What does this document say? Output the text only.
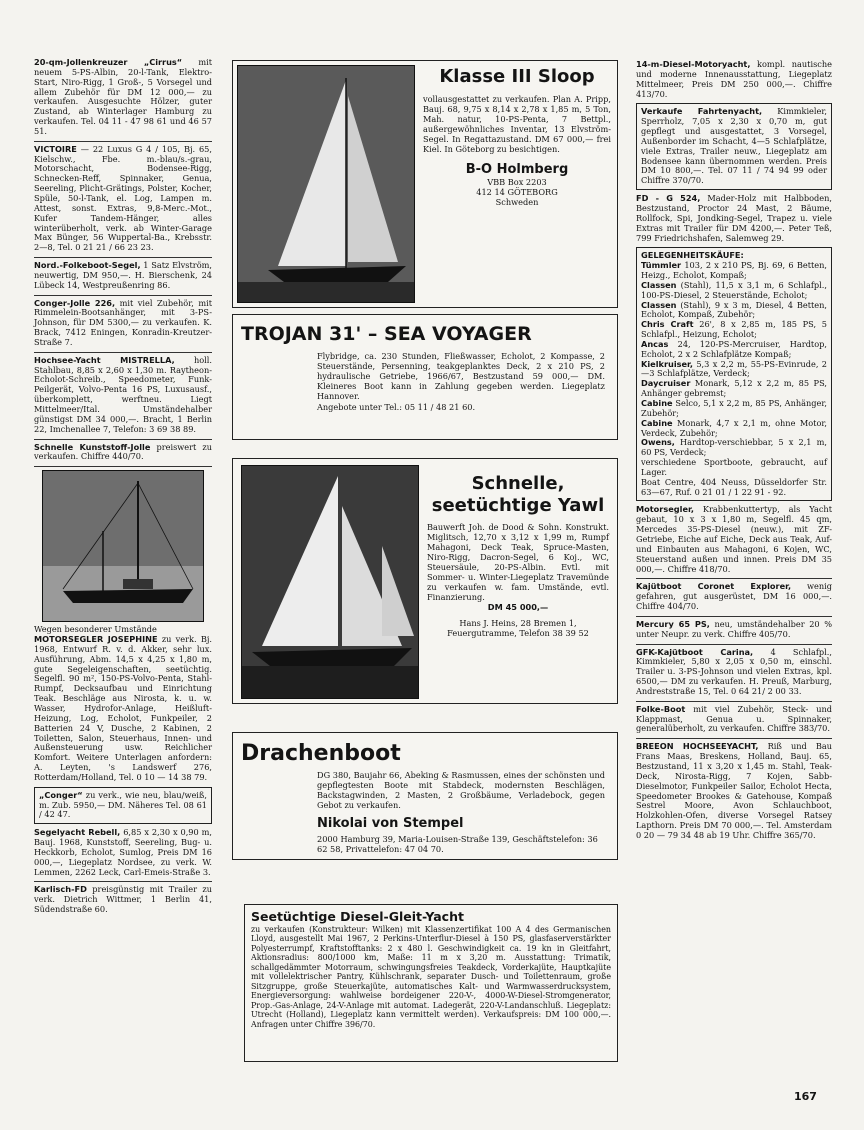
20-qm-Jollenkreuzer „Cirrus“ mit neuem 5-PS-Albin, 20-l-Tank, Elektro-Start, Niro-Rigg, 1 Groß-, 5 Vorsegel und allem Zubehör für DM 12 000,— zu verkaufen. Ausgesuchte Hölzer, guter Zustand, ab Winterlager Hamburg zu verkaufen. Tel. 04 11 - 47 98 61 und 46 57 51.

VICTOIRE — 22 Luxus G 4 / 105, Bj. 65, Kielschw., Fbe. m.-blau/s.-grau, Motorschacht, Bodensee-Rigg, Schnecken-Reff, Spinnaker, Genua, Seereling, Plicht-Grätings, Polster, Kocher, Spüle, 50-l-Tank, el. Log, Lampen m. Attest, sonst. Extras, 9,8-Merc.-Mot., Kufer Tandem-Hänger, alles winterüberholt, verk. ab Winter-Garage Max Bünger, 56 Wuppertal-Ba., Krebsstr. 2—8, Tel. 0 21 21 / 66 23 23.

Nord.-Folkeboot-Segel, 1 Satz Elvström, neuwertig, DM 950,—. H. Bierschenk, 24 Lübeck 14, Westpreußenring 86.

Conger-Jolle 226, mit viel Zubehör, mit Rimmelein-Bootsanhänger, mit 3-PS-Johnson, für DM 5300,— zu verkaufen. K. Brack, 7412 Eningen, Konradin-Kreutzer-Straße 7.

Hochsee-Yacht MISTRELLA, holl. Stahlbau, 8,85 x 2,60 x 1,30 m. Raytheon-Echolot-Schreib., Speedometer, Funk-Peilgerät, Volvo-Penta 16 PS, Luxusausf., überkomplett, werftneu. Liegt Mittelmeer/Ital. Umständehalber günstigst DM 34 000,—. Bracht, 1 Berlin 22, Imchenallee 7, Telefon: 3 69 38 89.

Schnelle Kunststoff-Jolle preiswert zu verkaufen. Chiffre 440/70.

Wegen besonderer Umstände
MOTORSEGLER JOSEPHINE zu verk. Bj. 1968, Entwurf R. v. d. Akker, sehr lux. Ausführung, Abm. 14,5 x 4,25 x 1,80 m, gute Segeleigenschaften, seetüchtig. Segelfl. 90 m², 150-PS-Volvo-Penta, Stahl-Rumpf, Decksaufbau und Einrichtung Teak. Beschläge aus Nirosta, k. u. w. Wasser, Hydrofor-Anlage, Heißluft-Heizung, Log, Echolot, Funkpeiler, 2 Batterien 24 V, Dusche, 2 Kabinen, 2 Toiletten, Salon, Steuerhaus, Innen- und Außensteuerung usw. Reichlicher Komfort. Weitere Unterlagen anfordern: A. Leyten, 's Landswerf 276, Rotterdam/Holland, Tel. 0 10 — 14 38 79.

„Conger“ zu verk., wie neu, blau/weiß, m. Zub. 5950,— DM. Näheres Tel. 08 61 / 42 47.

Segelyacht Rebell, 6,85 x 2,30 x 0,90 m, Bauj. 1968, Kunststoff, Seereling, Bug- u. Heckkorb, Echolot, Sumlog, Preis DM 16 000,—, Liegeplatz Nordsee, zu verk. W. Lemmen, 2262 Leck, Carl-Emeis-Straße 3.

Karlisch-FD preisgünstig mit Trailer zu verk. Dietrich Wittmer, 1 Berlin 41, Südendstraße 60.

Klasse III Sloop

vollausgestattet zu verkaufen. Plan A. Pripp, Bauj. 68, 9,75 x 8,14 x 2,78 x 1,85 m, 5 Ton, Mah. natur, 10-PS-Penta, 7 Bettpl., außergewöhnliches Inventar, 13 Elvström-Segel. In Regattazustand. DM 67 000,— frei Kiel. In Göteborg zu besichtigen.

B-O Holmberg

VBB Box 2203

412 14 GÖTEBORG

Schweden

TROJAN 31' – SEA VOYAGER

Flybridge, ca. 230 Stunden, Fließwasser, Echolot, 2 Kompasse, 2 Steuerstände, Persenning, teakgeplanktes Deck, 2 x 210 PS, 2 hydraulische Getriebe, 1966/67, Bestzustand 59 000,— DM. Kleineres Boot kann in Zahlung gegeben werden. Liegeplatz Hannover.

Angebote unter Tel.: 05 11 / 48 21 60.

Schnelle, seetüchtige Yawl

Bauwerft Joh. de Dood & Sohn. Konstrukt. Miglitsch, 12,70 x 3,12 x 1,99 m, Rumpf Mahagoni, Deck Teak, Spruce-Masten, Niro-Rigg, Dacron-Segel, 6 Koj., WC, Steuersäule, 20-PS-Albin. Evtl. mit Sommer- u. Winter-Liegeplatz Travemünde zu verkaufen w. fam. Umstände, evtl. Finanzierung.

DM 45 000,—

Hans J. Heins, 28 Bremen 1, Feuergutramme, Telefon 38 39 52

Drachenboot

DG 380, Baujahr 66, Abeking & Rasmussen, eines der schönsten und gepflegtesten Boote mit Stabdeck, modernsten Beschlägen, Backstagwinden, 2 Masten, 2 Großbäume, Verladebock, gegen Gebot zu verkaufen.

Nikolai von Stempel

2000 Hamburg 39, Maria-Louisen-Straße 139, Geschäftstelefon: 36 62 58, Privattelefon: 47 04 70.

Seetüchtige Diesel-Gleit-Yacht

zu verkaufen (Konstrukteur: Wilken) mit Klassenzertifikat 100 A 4 des Germanischen Lloyd, ausgestellt Mai 1967, 2 Perkins-Unterflur-Diesel à 150 PS, glasfaserverstärkter Polyesterrumpf, Kraftstofftanks: 2 x 480 l. Geschwindigkeit ca. 19 kn in Gleitfahrt, Aktionsradius: 800/1000 km, Maße: 11 m x 3,20 m. Ausstattung: Trimatik, schallgedämmter Motorraum, schwingungsfreies Teakdeck, Vorderkajüte, Hauptkajüte mit vollelektrischer Pantry, Kühlschrank, separater Dusch- und Toilettenraum, große Sitzgruppe, große Steuerkajüte, automatisches Kalt- und Warmwasserdrucksystem, Energieversorgung: wahlweise bordeigener 220-V-, 4000-W-Diesel-Stromgenerator, Prop.-Gas-Anlage, 24-V-Anlage mit automat. Ladegerät, 220-V-Landanschluß. Liegeplatz: Utrecht (Holland), Liegeplatz kann vermittelt werden). Verkaufspreis: DM 100 000,—. Anfragen unter Chiffre 396/70.

14-m-Diesel-Motoryacht, kompl. nautische und moderne Innenausstattung, Liegeplatz Mittelmeer, Preis DM 250 000,—. Chiffre 413/70.

Verkaufe Fahrtenyacht, Kimmkieler, Sperrholz, 7,05 x 2,30 x 0,70 m, gut gepflegt und ausgestattet, 3 Vorsegel, Außenborder im Schacht, 4—5 Schlafplätze, viele Extras, Trailer neuw., Liegeplatz am Bodensee kann übernommen werden. Preis DM 10 800,—. Tel. 07 11 / 74 94 99 oder Chiffre 370/70.

FD - G 524, Mader-Holz mit Halbboden, Bestzustand, Proctor 24 Mast, 2 Bäume, Rollfock, Spi, Jondking-Segel, Trapez u. viele Extras mit Trailer für DM 4200,—. Peter Teß, 799 Friedrichshafen, Salemweg 29.

GELEGENHEITSKÄUFE:

Tümmler 103, 2 x 210 PS, Bj. 69, 6 Betten, Heizg., Echolot, Kompaß;

Classen (Stahl), 11,5 x 3,1 m, 6 Schlafpl., 100-PS-Diesel, 2 Steuerstände, Echolot;

Classen (Stahl), 9 x 3 m, Diesel, 4 Betten, Echolot, Kompaß, Zubehör;

Chris Craft 26', 8 x 2,85 m, 185 PS, 5 Schlafpl., Heizung, Echolot;

Ancas 24, 120-PS-Mercruiser, Hardtop, Echolot, 2 x 2 Schlafplätze Kompaß;

Kielkruiser, 5,3 x 2,2 m, 55-PS-Evinrude, 2—3 Schlafplätze, Verdeck;

Daycruiser Monark, 5,12 x 2,2 m, 85 PS, Anhänger gebremst;

Cabine Selco, 5,1 x 2,2 m, 85 PS, Anhänger, Zubehör;

Cabine Monark, 4,7 x 2,1 m, ohne Motor, Verdeck, Zubehör;

Owens, Hardtop-verschiebbar, 5 x 2,1 m, 60 PS, Verdeck;

verschiedene Sportboote, gebraucht, auf Lager.

Boat Centre, 404 Neuss, Düsseldorfer Str. 63—67, Ruf. 0 21 01 / 1 22 91 - 92.

Motorsegler, Krabbenkuttertyp, als Yacht gebaut, 10 x 3 x 1,80 m, Segelfl. 45 qm, Mercedes 35-PS-Diesel (neuw.), mit ZF-Getriebe, Eiche auf Eiche, Deck aus Teak, Auf- und Einbauten aus Mahagoni, 6 Kojen, WC, Steuerstand außen und innen. Preis DM 35 000,—. Chiffre 418/70.

Kajütboot Coronet Explorer, wenig gefahren, gut ausgerüstet, DM 16 000,—. Chiffre 404/70.

Mercury 65 PS, neu, umständehalber 20 % unter Neupr. zu verk. Chiffre 405/70.

GFK-Kajütboot Carina, 4 Schlafpl., Kimmkieler, 5,80 x 2,05 x 0,50 m, einschl. Trailer u. 3-PS-Johnson und vielen Extras, kpl. 6500,— DM zu verkaufen. H. Preuß, Marburg, Andreststraße 15, Tel. 0 64 21/ 2 00 33.

Folke-Boot mit viel Zubehör, Steck- und Klappmast, Genua u. Spinnaker, generalüberholt, zu verkaufen. Chiffre 383/70.

BREEON HOCHSEEYACHT, Riß und Bau Frans Maas, Breskens, Holland, Bauj. 65, Bestzustand, 11 x 3,20 x 1,45 m. Stahl, Teak-Deck, Nirosta-Rigg, 7 Kojen, Sabb-Dieselmotor, Funkpeiler Sailor, Echolot Hecta, Speedometer Brookes & Gatehouse, Kompaß Sestrel Moore, Avon Schlauchboot, Holzkohlen-Ofen, diverse Vorsegel Ratsey Lapthorn. Preis DM 70 000,—. Tel. Amsterdam 0 20 — 79 34 48 ab 19 Uhr. Chiffre 365/70.

167
